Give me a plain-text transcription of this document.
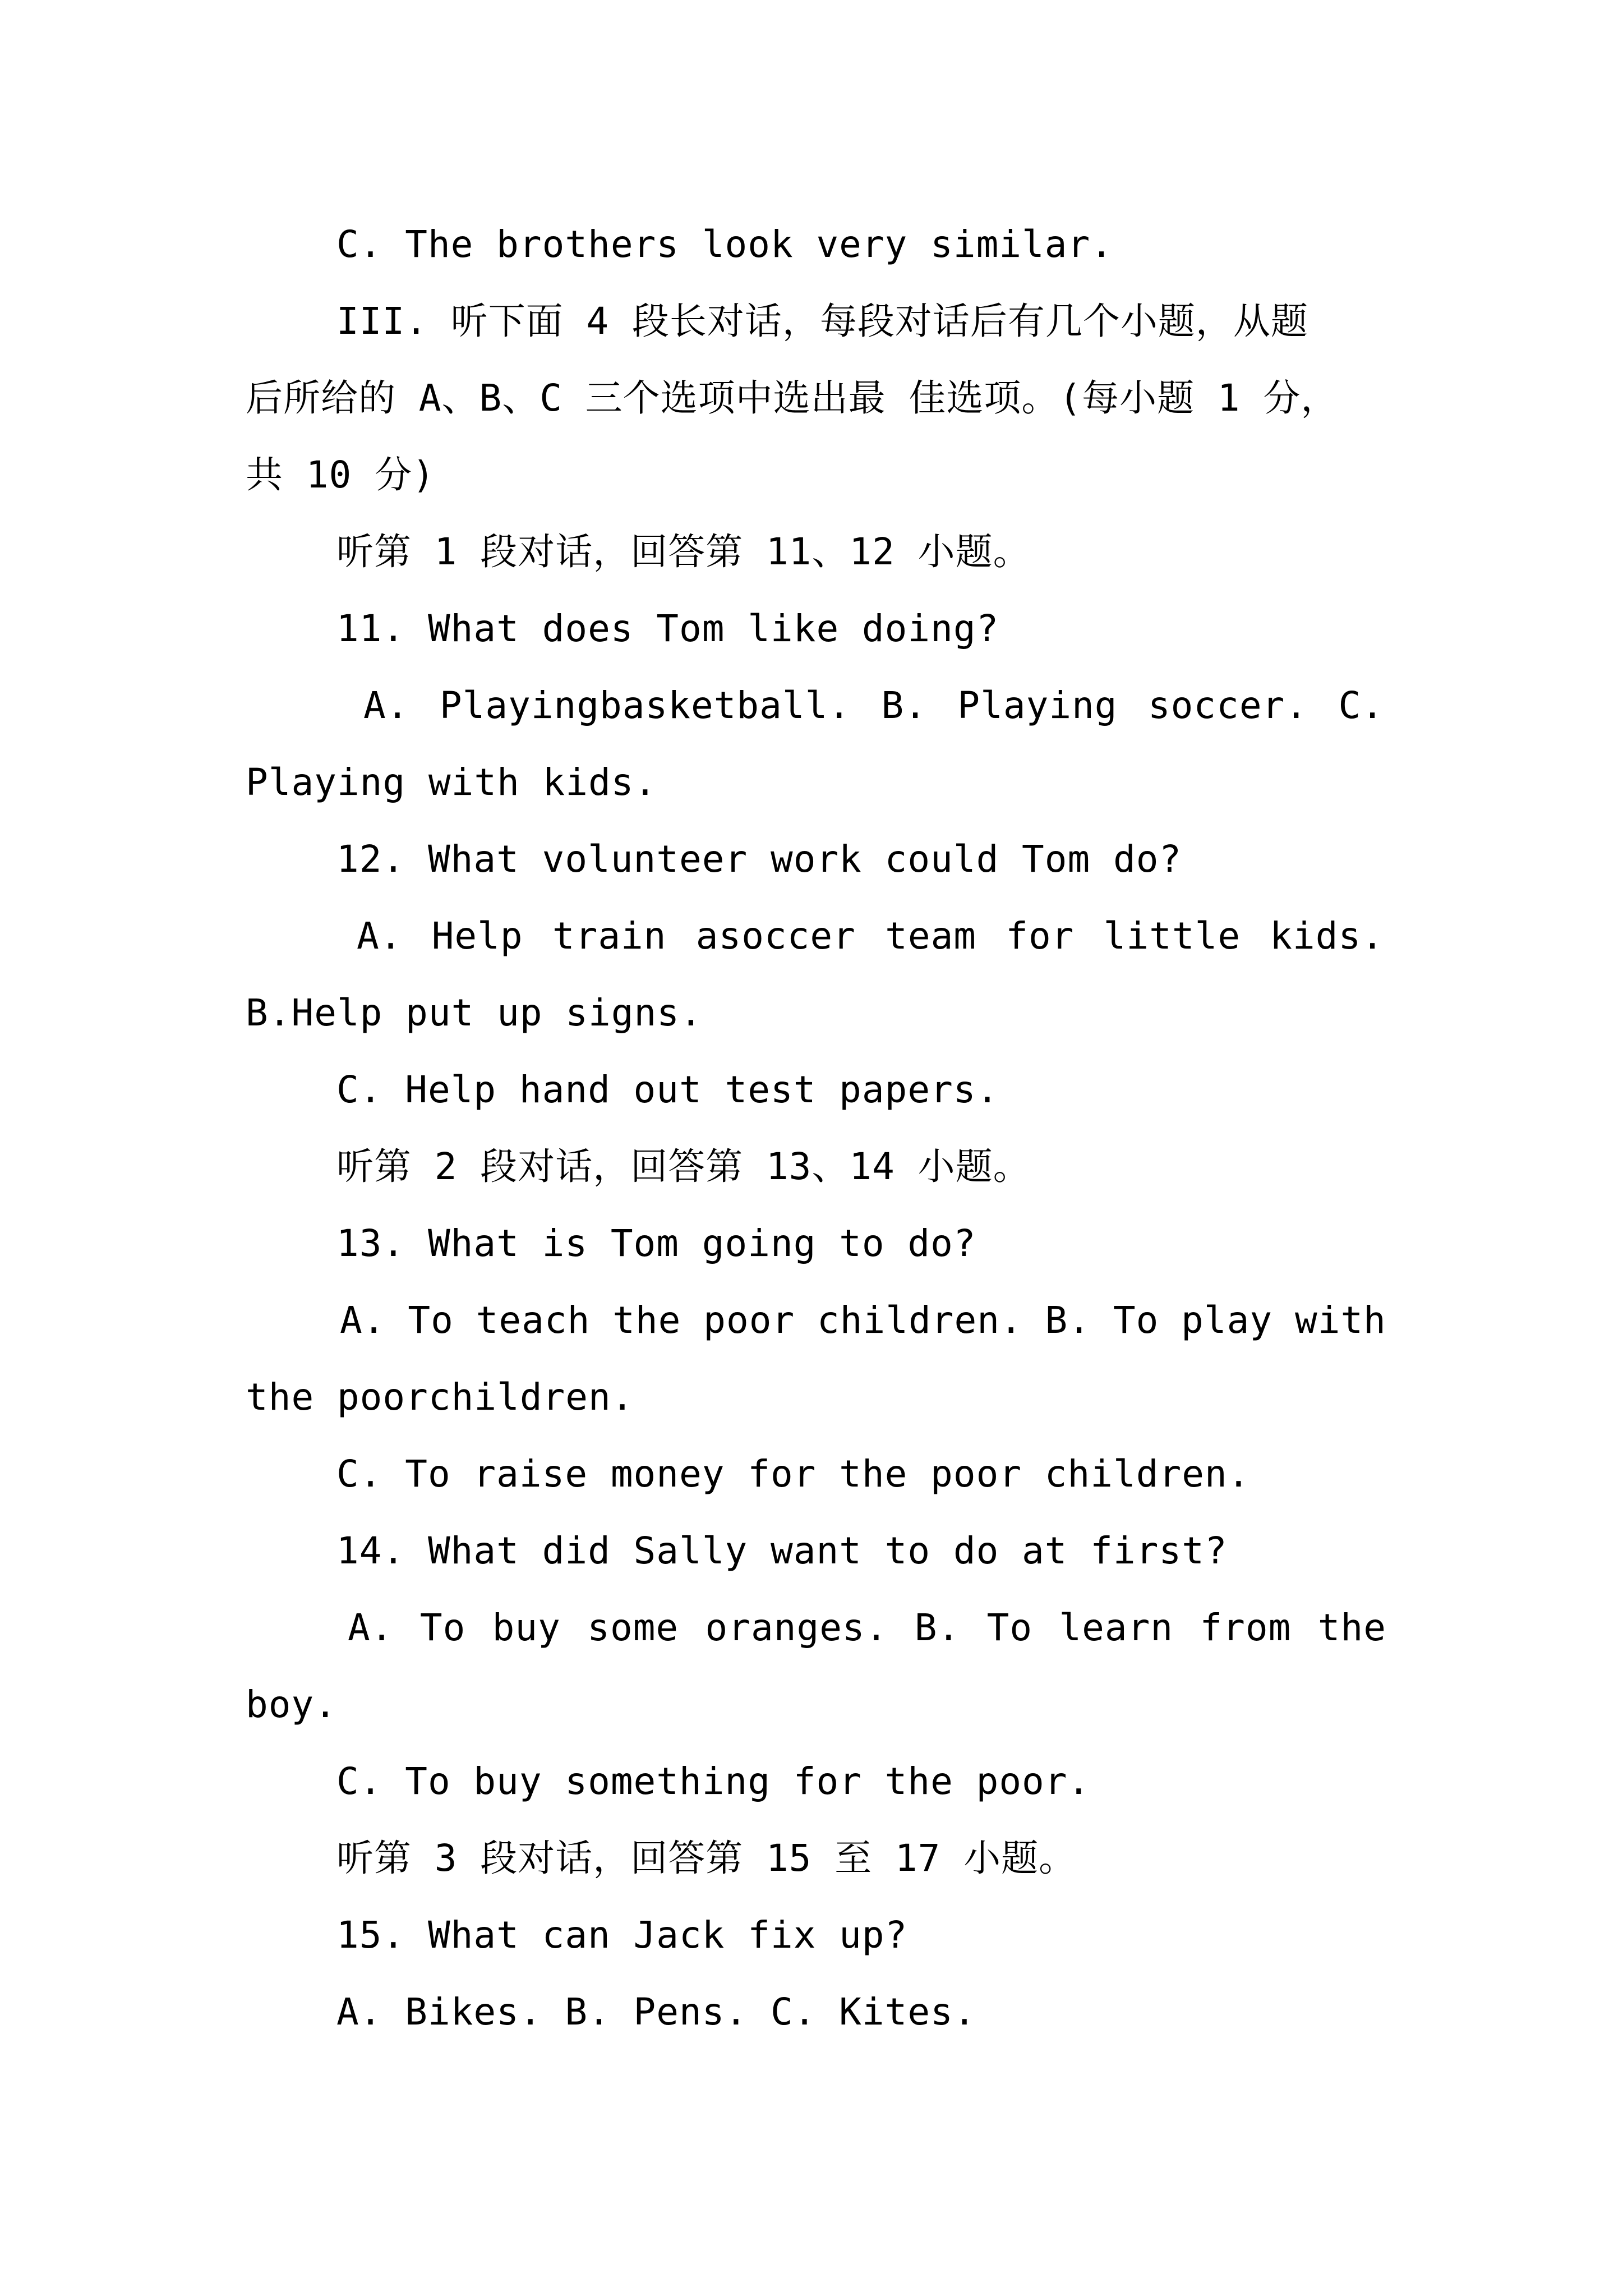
C. The brothers look very similar.
III. 听下面 4 段长对话，每段对话后有几个小题，从题
后所给的 A、B、C 三个选项中选出最 佳选项。(每小题 1 分，
共 10 分)
听第 1 段对话，回答第 11、12 小题。
11. What does Tom like doing?
A. Playingbasketball. B. Playing soccer. C.
Playing with kids.
12. What volunteer work could Tom do?
A. Help train asoccer team for little kids.
B.Help put up signs.
C. Help hand out test papers.
听第 2 段对话，回答第 13、14 小题。
13. What is Tom going to do?
A. To teach the poor children. B. To play with
the poorchildren.
C. To raise money for the poor children.
14. What did Sally want to do at first?
A. To buy some oranges. B. To learn from the
boy.
C. To buy something for the poor.
听第 3 段对话，回答第 15 至 17 小题。
15. What can Jack fix up?
A. Bikes. B. Pens. C. Kites.
